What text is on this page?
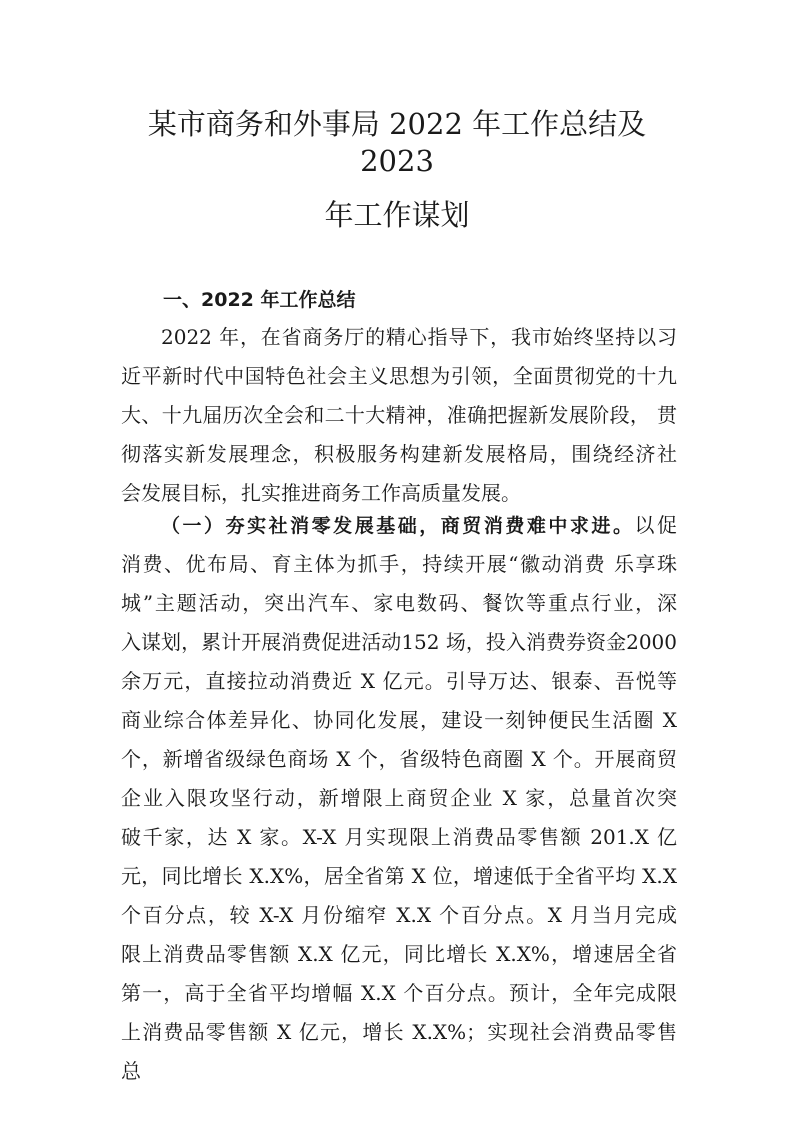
某市商务和外事局 2022 年工作总结及
2023
年工作谋划
一、2022 年工作总结
2022 年，在省商务厅的精心指导下，我市始终坚持以习
近平新时代中国特色社会主义思想为引领，全面贯彻党的十九
大、十九届历次全会和二十大精神，准确把握新发展阶段， 贯
彻落实新发展理念，积极服务构建新发展格局，围绕经济社
会发展目标，扎实推进商务工作高质量发展。
（一）夯实社消零发展基础，商贸消费难中求进。以促
消费、优布局、育主体为抓手，持续开展“徽动消费 乐享珠
城”主题活动，突出汽车、家电数码、餐饮等重点行业，深
入谋划，累计开展消费促进活动152 场，投入消费券资金2000
余万元，直接拉动消费近 X 亿元。引导万达、银泰、吾悦等
商业综合体差异化、协同化发展，建设一刻钟便民生活圈 X
个，新增省级绿色商场 X 个，省级特色商圈 X 个。开展商贸
企业入限攻坚行动，新增限上商贸企业 X 家，总量首次突
破千家，达 X 家。X-X 月实现限上消费品零售额 201.X 亿
元，同比增长 X.X%，居全省第 X 位，增速低于全省平均 X.X
个百分点，较 X-X 月份缩窄 X.X 个百分点。X 月当月完成
限上消费品零售额 X.X 亿元，同比增长 X.X%，增速居全省
第一，高于全省平均增幅 X.X 个百分点。预计，全年完成限
上消费品零售额 X 亿元，增长 X.X%；实现社会消费品零售
总
